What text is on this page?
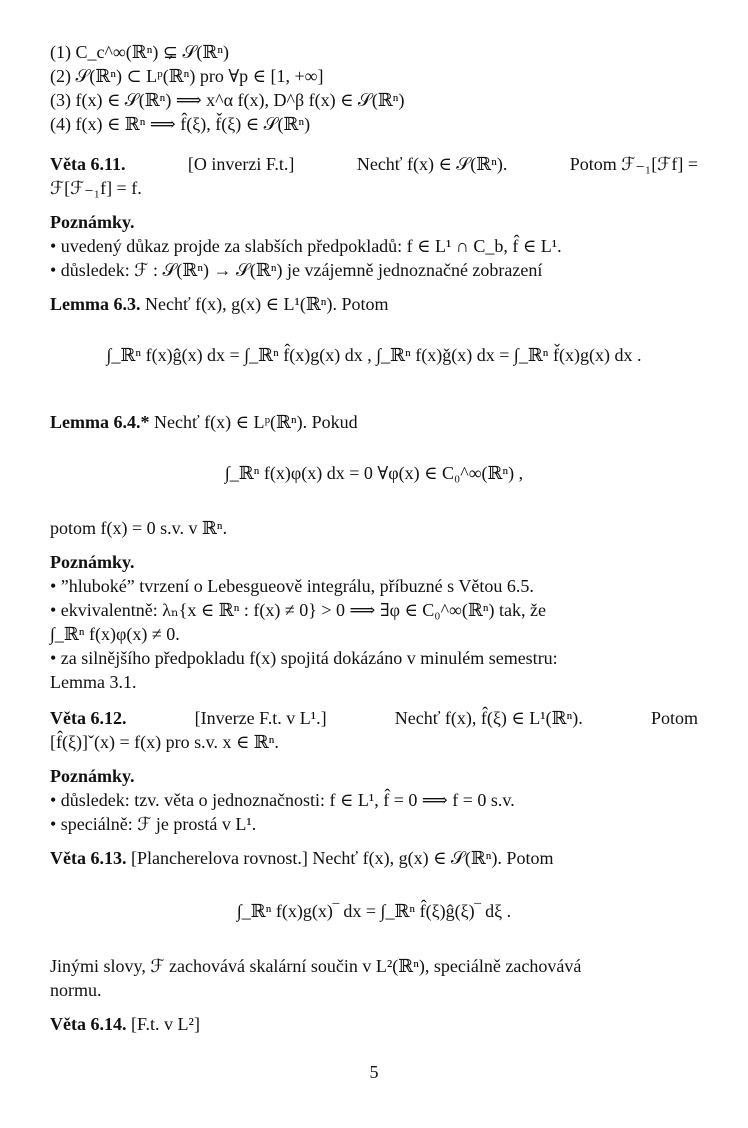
(1) C_c^∞(ℝⁿ) ⊊ 𝒮(ℝⁿ)
(2) 𝒮(ℝⁿ) ⊂ Lᵖ(ℝⁿ) pro ∀p ∈ [1, +∞]
(3) f(x) ∈ 𝒮(ℝⁿ) ⟹ x^α f(x), D^β f(x) ∈ 𝒮(ℝⁿ)
(4) f(x) ∈ ℝⁿ ⟹ f̂(ξ), f̌(ξ) ∈ 𝒮(ℝⁿ)
Věta 6.11.	[O inverzi F.t.]	Nechť f(x) ∈ 𝒮(ℝⁿ).	Potom ℱ₋₁[ℱf] =
ℱ[ℱ₋₁f] = f.
Poznámky.
• uvedený důkaz projde za slabších předpokladů: f ∈ L¹ ∩ C_b, f̂ ∈ L¹.
• důsledek: ℱ : 𝒮(ℝⁿ) → 𝒮(ℝⁿ) je vzájemně jednoznačné zobrazení
Lemma 6.3. Nechť f(x), g(x) ∈ L¹(ℝⁿ). Potom
∫_ℝⁿ f(x)ĝ(x) dx = ∫_ℝⁿ f̂(x)g(x) dx , ∫_ℝⁿ f(x)ǧ(x) dx = ∫_ℝⁿ f̌(x)g(x) dx .
Lemma 6.4.* Nechť f(x) ∈ Lᵖ(ℝⁿ). Pokud
∫_ℝⁿ f(x)φ(x) dx = 0 ∀φ(x) ∈ C₀^∞(ℝⁿ) ,
potom f(x) = 0 s.v. v ℝⁿ.
Poznámky.
• ”hluboké” tvrzení o Lebesgueově integrálu, příbuzné s Větou 6.5.
• ekvivalentně: λₙ{x ∈ ℝⁿ : f(x) ≠ 0} > 0 ⟹ ∃φ ∈ C₀^∞(ℝⁿ) tak, že
∫_ℝⁿ f(x)φ(x) ≠ 0.
• za silnějšího předpokladu f(x) spojitá dokázáno v minulém semestru:
Lemma 3.1.
Věta 6.12.	[Inverze F.t. v L¹.]	Nechť f(x), f̂(ξ) ∈ L¹(ℝⁿ).	Potom
[f̂(ξ)]ˇ(x) = f(x) pro s.v. x ∈ ℝⁿ.
Poznámky.
• důsledek: tzv. věta o jednoznačnosti: f ∈ L¹, f̂ = 0 ⟹ f = 0 s.v.
• speciálně: ℱ je prostá v L¹.
Věta 6.13. [Plancherelova rovnost.] Nechť f(x), g(x) ∈ 𝒮(ℝⁿ). Potom
∫_ℝⁿ f(x)g(x)‾ dx = ∫_ℝⁿ f̂(ξ)ĝ(ξ)‾ dξ .
Jinými slovy, ℱ zachovává skalární součin v L²(ℝⁿ), speciálně zachovává
normu.
Věta 6.14. [F.t. v L²]
5
